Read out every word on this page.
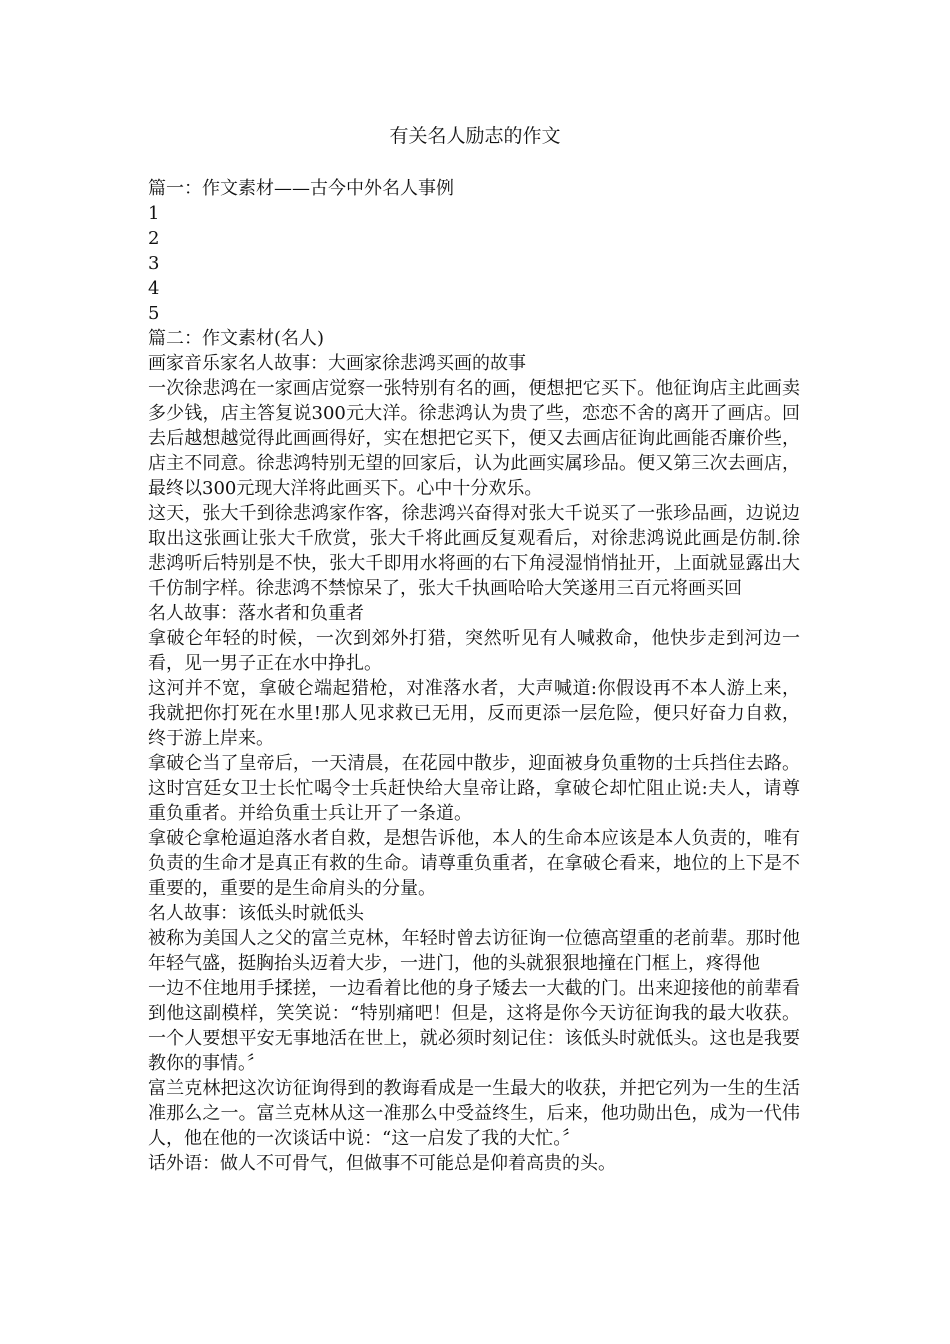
有关名人励志的作文

篇一：作文素材——古今中外名人事例

1

2

3

4

5

篇二：作文素材(名人)

画家音乐家名人故事：大画家徐悲鸿买画的故事

一次徐悲鸿在一家画店觉察一张特别有名的画，便想把它买下。他征询店主此画卖多少钱，店主答复说300元大洋。徐悲鸿认为贵了些，恋恋不舍的离开了画店。回去后越想越觉得此画画得好，实在想把它买下，便又去画店征询此画能否廉价些，店主不同意。徐悲鸿特别无望的回家后，认为此画实属珍品。便又第三次去画店，最终以300元现大洋将此画买下。心中十分欢乐。

这天，张大千到徐悲鸿家作客，徐悲鸿兴奋得对张大千说买了一张珍品画，边说边取出这张画让张大千欣赏，张大千将此画反复观看后，对徐悲鸿说此画是仿制.徐悲鸿听后特别是不快，张大千即用水将画的右下角浸湿悄悄扯开，上面就显露出大千仿制字样。徐悲鸿不禁惊呆了，张大千执画哈哈大笑遂用三百元将画买回

名人故事：落水者和负重者

拿破仑年轻的时候，一次到郊外打猎，突然听见有人喊救命，他快步走到河边一看，见一男子正在水中挣扎。

这河并不宽，拿破仑端起猎枪，对准落水者，大声喊道:你假设再不本人游上来，我就把你打死在水里!那人见求救已无用，反而更添一层危险，便只好奋力自救，终于游上岸来。

拿破仑当了皇帝后，一天清晨，在花园中散步，迎面被身负重物的士兵挡住去路。这时宫廷女卫士长忙喝令士兵赶快给大皇帝让路，拿破仑却忙阻止说:夫人，请尊重负重者。并给负重士兵让开了一条道。

拿破仑拿枪逼迫落水者自救，是想告诉他，本人的生命本应该是本人负责的，唯有负责的生命才是真正有救的生命。请尊重负重者，在拿破仑看来，地位的上下是不重要的，重要的是生命肩头的分量。

名人故事：该低头时就低头

被称为美国人之父的富兰克林，年轻时曾去访征询一位德高望重的老前辈。那时他年轻气盛，挺胸抬头迈着大步，一进门，他的头就狠狠地撞在门框上，疼得他

一边不住地用手揉搓，一边看着比他的身子矮去一大截的门。出来迎接他的前辈看到他这副模样，笑笑说：“特别痛吧！但是，这将是你今天访征询我的最大收获。一个人要想平安无事地活在世上，就必须时刻记住：该低头时就低头。这也是我要教你的事情。〞

富兰克林把这次访征询得到的教诲看成是一生最大的收获，并把它列为一生的生活准那么之一。富兰克林从这一准那么中受益终生，后来，他功勋出色，成为一代伟人，他在他的一次谈话中说：“这一启发了我的大忙。〞

话外语：做人不可骨气，但做事不可能总是仰着高贵的头。
